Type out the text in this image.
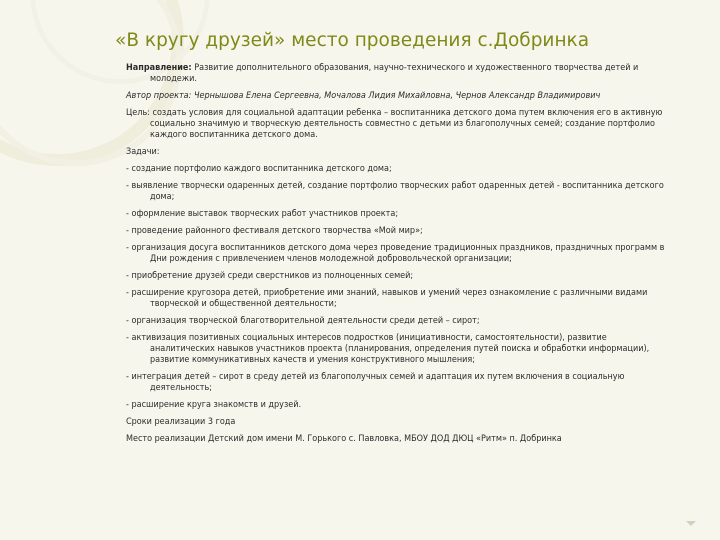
«В кругу друзей» место проведения с.Добринка

Направление: Развитие дополнительного образования, научно-технического и художественного творчества детей и молодежи.

Автор проекта: Чернышова Елена Сергеевна, Мочалова Лидия Михайловна, Чернов Александр Владимирович

Цель: создать условия для социальной адаптации ребенка – воспитанника детского дома путем включения его в активную социально значимую и творческую деятельность совместно с детьми из благополучных семей; создание портфолио каждого воспитанника детского дома.

Задачи:

- создание портфолио каждого воспитанника детского дома;

- выявление творчески одаренных детей, создание портфолио творческих работ одаренных детей - воспитанника детского дома;

- оформление выставок творческих работ участников проекта;

- проведение районного фестиваля детского творчества «Мой мир»;

- организация досуга воспитанников детского дома через проведение традиционных праздников, праздничных программ в Дни рождения с привлечением членов молодежной добровольческой организации;

- приобретение друзей среди сверстников из полноценных семей;

- расширение кругозора детей, приобретение ими знаний, навыков и умений через ознакомление с различными видами творческой и общественной деятельности;

- организация творческой благотворительной деятельности среди детей – сирот;

- активизация позитивных социальных интересов подростков (инициативности, самостоятельности), развитие аналитических навыков участников проекта (планирования, определения путей поиска и обработки информации), развитие коммуникативных качеств и умения конструктивного мышления;

- интеграция детей – сирот в среду детей из благополучных семей и адаптация их путем включения в социальную деятельность;

- расширение круга знакомств и друзей.

Сроки реализации 3 года

Место реализации Детский дом имени М. Горького с. Павловка, МБОУ ДОД ДЮЦ «Ритм» п. Добринка
